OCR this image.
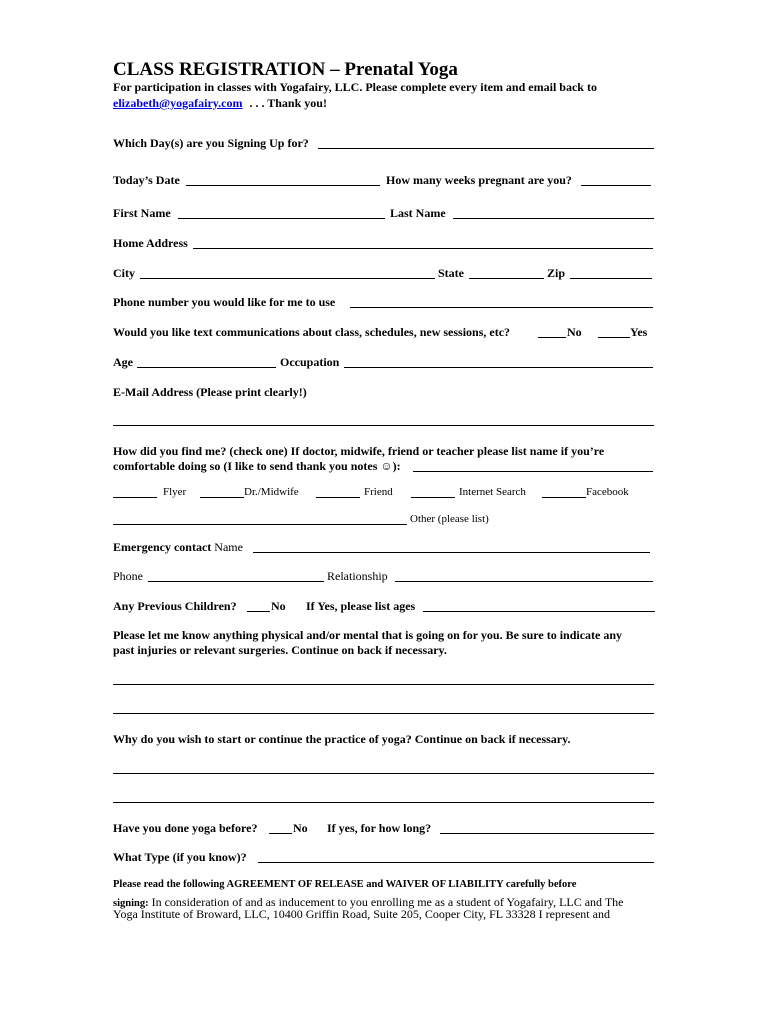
CLASS REGISTRATION – Prenatal Yoga
For participation in classes with Yogafairy, LLC. Please complete every item and email back to
elizabeth@yogafairy.com . . . Thank you!
Which Day(s) are you Signing Up for?
Today’s Date	How many weeks pregnant are you?
First Name	Last Name
Home Address
City	State	Zip
Phone number you would like for me to use
Would you like text communications about class, schedules, new sessions, etc?	No	Yes
Age	Occupation
E-Mail Address (Please print clearly!)
How did you find me? (check one) If doctor, midwife, friend or teacher please list name if you’re
comfortable doing so (I like to send thank you notes ☺):
Flyer	Dr./Midwife	Friend	Internet Search	Facebook
Other (please list)
Emergency contact Name
Phone	Relationship
Any Previous Children?	No If Yes, please list ages
Please let me know anything physical and/or mental that is going on for you. Be sure to indicate any
past injuries or relevant surgeries. Continue on back if necessary.
Why do you wish to start or continue the practice of yoga? Continue on back if necessary.
Have you done yoga before?	No If yes, for how long?
What Type (if you know)?
Please read the following AGREEMENT OF RELEASE and WAIVER OF LIABILITY carefully before
signing: In consideration of and as inducement to you enrolling me as a student of Yogafairy, LLC and The
Yoga Institute of Broward, LLC, 10400 Griffin Road, Suite 205, Cooper City, FL 33328 I represent and
